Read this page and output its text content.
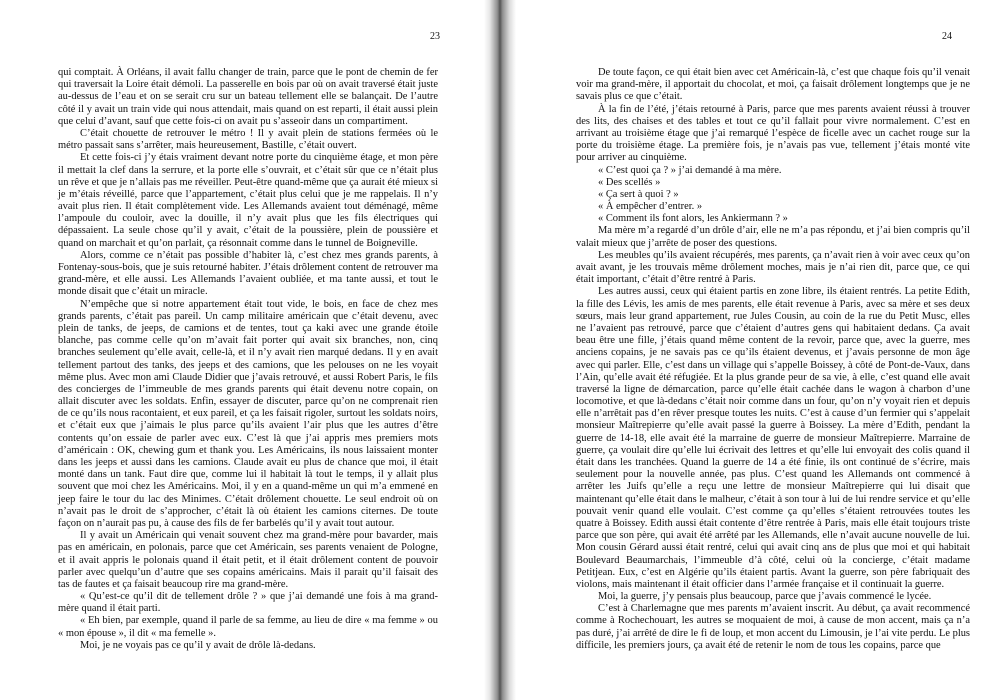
23

qui comptait. À Orléans, il avait fallu changer de train, parce que le pont de chemin de fer qui traversait la Loire était démoli. La passerelle en bois par où on avait traversé était juste au-dessus de l’eau et on se serait cru sur un bateau tellement elle se balançait. De l’autre côté il y avait un train vide qui nous attendait, mais quand on est reparti, il était aussi plein que celui d’avant, sauf que cette fois-ci on avait pu s’asseoir dans un compartiment.

C’était chouette de retrouver le métro ! Il y avait plein de stations fermées où le métro passait sans s’arrêter, mais heureusement, Bastille, c’était ouvert.

Et cette fois-ci j’y étais vraiment devant notre porte du cinquième étage, et mon père il mettait la clef dans la serrure, et la porte elle s’ouvrait, et c’était sûr que ce n’était plus un rêve et que je n’allais pas me réveiller. Peut-être quand-même que ça aurait été mieux si je m’étais réveillé, parce que l’appartement, c’était plus celui que je me rappelais. Il n’y avait plus rien. Il était complètement vide. Les Allemands avaient tout déménagé, même l’ampoule du couloir, avec la douille, il n’y avait plus que les fils électriques qui dépassaient. La seule chose qu’il y avait, c’était de la poussière, plein de poussière et quand on marchait et qu’on parlait, ça résonnait comme dans le tunnel de Boigneville.

Alors, comme ce n’était pas possible d’habiter là, c’est chez mes grands parents, à Fontenay-sous-bois, que je suis retourné habiter. J’étais drôlement content de retrouver ma grand-mère, et elle aussi. Les Allemands l’avaient oubliée, et ma tante aussi, et tout le monde disait que c’était un miracle.

N’empêche que si notre appartement était tout vide, le bois, en face de chez mes grands parents, c’était pas pareil. Un camp militaire américain que c’était devenu, avec plein de tanks, de jeeps, de camions et de tentes, tout ça kaki avec une grande étoile blanche, pas comme celle qu’on m’avait fait porter qui avait six branches, non, cinq branches seulement qu’elle avait, celle-là, et il n’y avait rien marqué dedans. Il y en avait tellement partout des tanks, des jeeps et des camions, que les pelouses on ne les voyait même plus. Avec mon ami Claude Didier que j’avais retrouvé, et aussi Robert Paris, le fils des concierges de l’immeuble de mes grands parents qui était devenu notre copain, on allait discuter avec les soldats. Enfin, essayer de discuter, parce qu’on ne comprenait rien de ce qu’ils nous racontaient, et eux pareil, et ça les faisait rigoler, surtout les soldats noirs, et c’était eux que j’aimais le plus parce qu’ils avaient l’air plus que les autres d’être contents qu’on essaie de parler avec eux. C’est là que j’ai appris mes premiers mots d’américain : OK, chewing gum et thank you. Les Américains, ils nous laissaient monter dans les jeeps et aussi dans les camions. Claude avait eu plus de chance que moi, il était monté dans un tank. Faut dire que, comme lui il habitait là tout le temps, il y allait plus souvent que moi chez les Américains. Moi, il y en a quand-même un qui m’a emmené en jeep faire le tour du lac des Minimes. C’était drôlement chouette. Le seul endroit où on n’avait pas le droit de s’approcher, c’était là où étaient les camions citernes. De toute façon on n’aurait pas pu, à cause des fils de fer barbelés qu’il y avait tout autour.

Il y avait un Américain qui venait souvent chez ma grand-mère pour bavarder, mais pas en américain, en polonais, parce que cet Américain, ses parents venaient de Pologne, et il avait appris le polonais quand il était petit, et il était drôlement content de pouvoir parler avec quelqu’un d’autre que ses copains américains. Mais il parait qu’il faisait des tas de fautes et ça faisait beaucoup rire ma grand-mère.

« Qu’est-ce qu’il dit de tellement drôle ? » que j’ai demandé une fois à ma grand-mère quand il était parti.

« Eh bien, par exemple, quand il parle de sa femme, au lieu de dire « ma femme » ou « mon épouse », il dit « ma femelle ».

Moi, je ne voyais pas ce qu’il y avait de drôle là-dedans.

24

De toute façon, ce qui était bien avec cet Américain-là, c’est que chaque fois qu’il venait voir ma grand-mère, il apportait du chocolat, et moi, ça faisait drôlement longtemps que je ne savais plus ce que c’était.

À la fin de l’été, j’étais retourné à Paris, parce que mes parents avaient réussi à trouver des lits, des chaises et des tables et tout ce qu’il fallait pour vivre normalement. C’est en arrivant au troisième étage que j’ai remarqué l’espèce de ficelle avec un cachet rouge sur la porte du troisième étage. La première fois, je n’avais pas vue, tellement j’étais monté vite pour arriver au cinquième.

« C’est quoi ça ? » j’ai demandé à ma mère.

« Des scellés »

« Ça sert à quoi ? »

« À empêcher d’entrer. »

« Comment ils font alors, les Ankiermann ? »

Ma mère m’a regardé d’un drôle d’air, elle ne m’a pas répondu, et j’ai bien compris qu’il valait mieux que j’arrête de poser des questions.

Les meubles qu’ils avaient récupérés, mes parents, ça n’avait rien à voir avec ceux qu’on avait avant, je les trouvais même drôlement moches, mais je n’ai rien dit, parce que, ce qui était important, c’était d’être rentré à Paris.

Les autres aussi, ceux qui étaient partis en zone libre, ils étaient rentrés. La petite Edith, la fille des Lévis, les amis de mes parents, elle était revenue à Paris, avec sa mère et ses deux sœurs, mais leur grand appartement, rue Jules Cousin, au coin de la rue du Petit Musc, elles ne l’avaient pas retrouvé, parce que c’étaient d’autres gens qui habitaient dedans. Ça avait beau être une fille, j’étais quand même content de la revoir, parce que, avec la guerre, mes anciens copains, je ne savais pas ce qu’ils étaient devenus, et j’avais personne de mon âge avec qui parler. Elle, c’est dans un village qui s’appelle Boissey, à côté de Pont-de-Vaux, dans l’Ain, qu’elle avait été réfugiée. Et la plus grande peur de sa vie, à elle, c’est quand elle avait traversé la ligne de démarcation, parce qu’elle était cachée dans le wagon à charbon d’une locomotive, et que là-dedans c’était noir comme dans un four, qu’on n’y voyait rien et depuis elle n’arrêtait pas d’en rêver presque toutes les nuits. C’est à cause d’un fermier qui s’appelait monsieur Maîtrepierre qu’elle avait passé la guerre à Boissey. La mère d’Edith, pendant la guerre de 14-18, elle avait été la marraine de guerre de monsieur Maîtrepierre. Marraine de guerre, ça voulait dire qu’elle lui écrivait des lettres et qu’elle lui envoyait des colis quand il était dans les tranchées. Quand la guerre de 14 a été finie, ils ont continué de s’écrire, mais seulement pour la nouvelle année, pas plus. C’est quand les Allemands ont commencé à arrêter les Juifs qu’elle a reçu une lettre de monsieur Maîtrepierre qui lui disait que maintenant qu’elle était dans le malheur, c’était à son tour à lui de lui rendre service et qu’elle pouvait venir quand elle voulait. C’est comme ça qu’elles s’étaient retrouvées toutes les quatre à Boissey. Edith aussi était contente d’être rentrée à Paris, mais elle était toujours triste parce que son père, qui avait été arrêté par les Allemands, elle n’avait aucune nouvelle de lui. Mon cousin Gérard aussi était rentré, celui qui avait cinq ans de plus que moi et qui habitait Boulevard Beaumarchais, l’immeuble d’à côté, celui où la concierge, c’était madame Petitjean. Eux, c’est en Algérie qu’ils étaient partis. Avant la guerre, son père fabriquait des violons, mais maintenant il était officier dans l’armée française et il continuait la guerre.

Moi, la guerre, j’y pensais plus beaucoup, parce que j’avais commencé le lycée.

C’est à Charlemagne que mes parents m’avaient inscrit. Au début, ça avait recommencé comme à Rochechouart, les autres se moquaient de moi, à cause de mon accent, mais ça n’a pas duré, j’ai arrêté de dire le fi de loup, et mon accent du Limousin, je l’ai vite perdu. Le plus difficile, les premiers jours, ça avait été de retenir le nom de tous les copains, parce que
